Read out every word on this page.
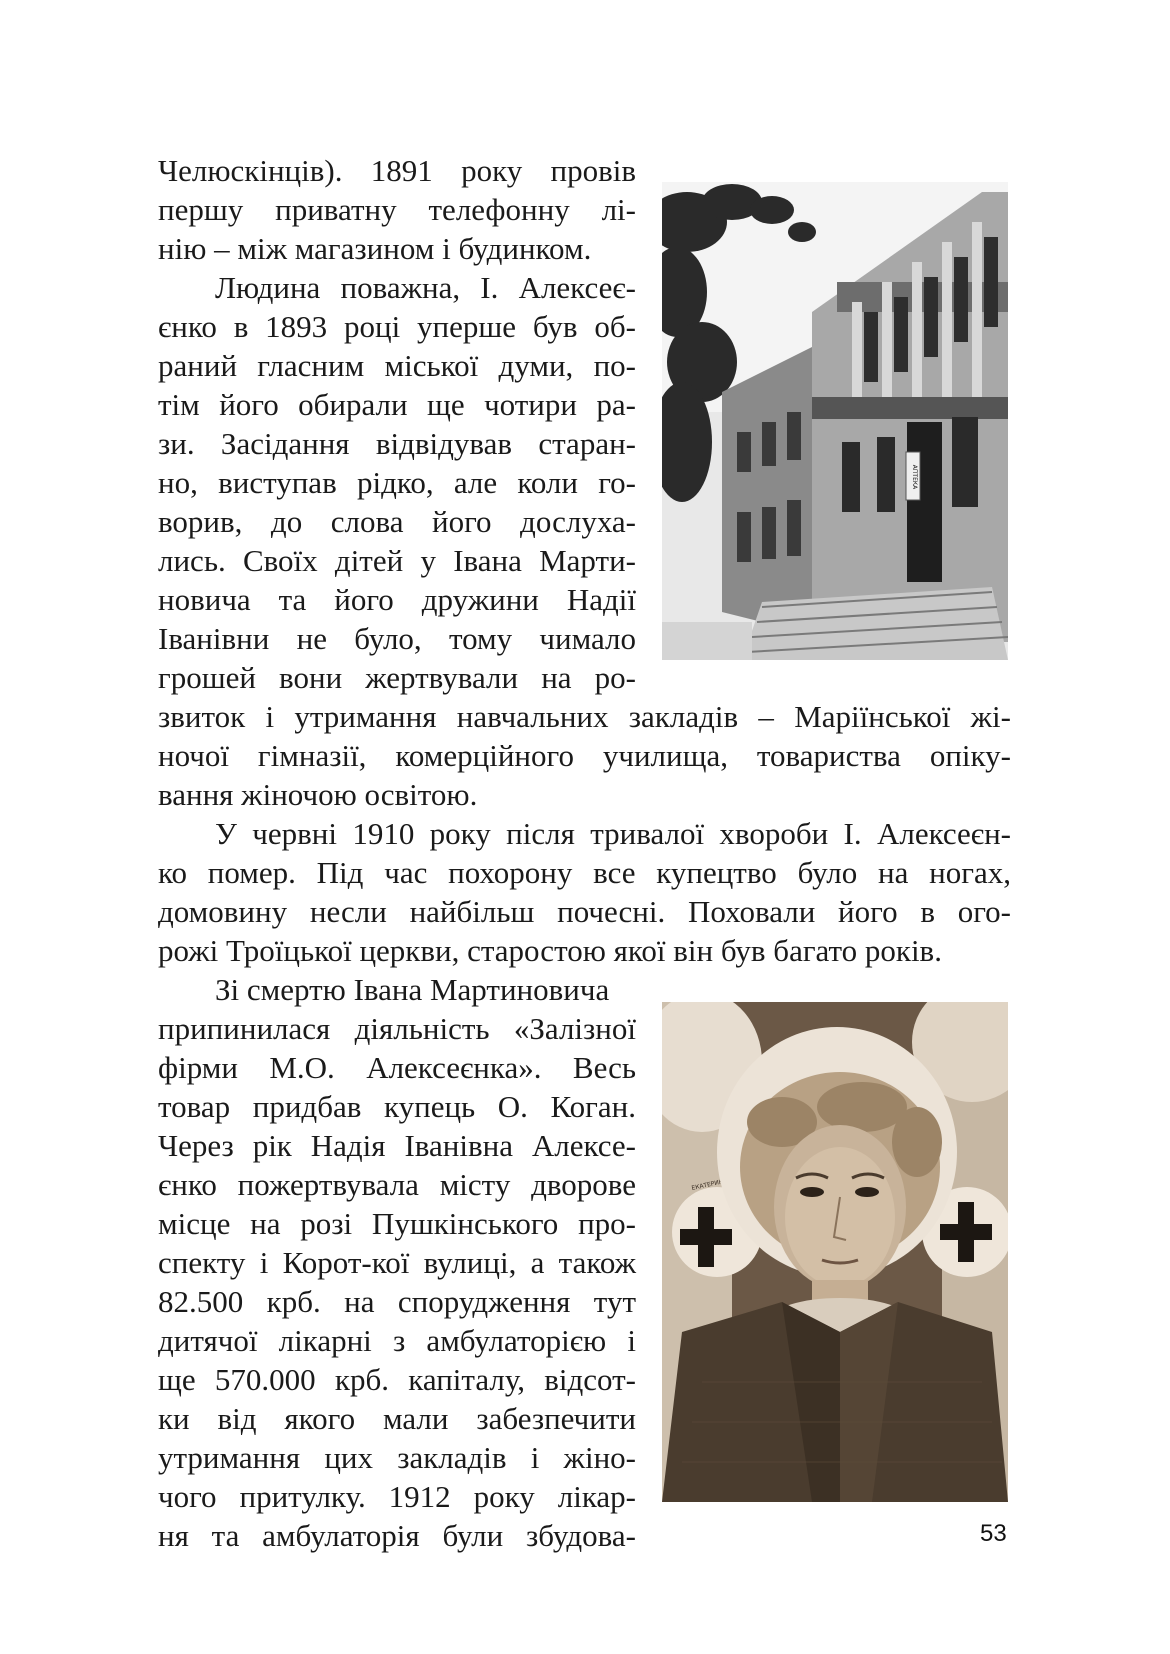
Челюскінців). 1891 року провів
першу приватну телефонну лі-
нію – між магазином і будинком.
Людина поважна, І. Алексеє-
єнко в 1893 році уперше був об-
раний гласним міської думи, по-
тім його обирали ще чотири ра-
зи. Засідання відвідував старан-
но, виступав рідко, але коли го-
ворив, до слова його дослуха-
лись. Своїх дітей у Івана Марти-
новича та його дружини Надії
Іванівни не було, тому чимало
грошей вони жертвували на ро-
звиток і утримання навчальних закладів – Маріїнської жі-
ночої гімназії, комерційного училища, товариства опіку-
вання жіночою освітою.
У червні 1910 року після тривалої хвороби І. Алексеєн-
ко помер. Під час похорону все купецтво було на ногах,
домовину несли найбільш почесні. Поховали його в ого-
рожі Троїцької церкви, старостою якої він був багато років.
Зі смертю Івана Мартиновича
припинилася діяльність «Залізної
фірми М.О. Алексеєнка». Весь
товар придбав купець О. Коган.
Через рік Надія Іванівна Алексе-
єнко пожертвувала місту дворове
місце на розі Пушкінського про-
спекту і Корот-кої вулиці, а також
82.500 крб. на спорудження тут
дитячої лікарні з амбулаторією і
ще 570.000 крб. капіталу, відсот-
ки від якого мали забезпечити
утримання цих закладів і жіно-
чого притулку. 1912 року лікар-
ня та амбулаторія були збудова-
АПТЕКА
53
